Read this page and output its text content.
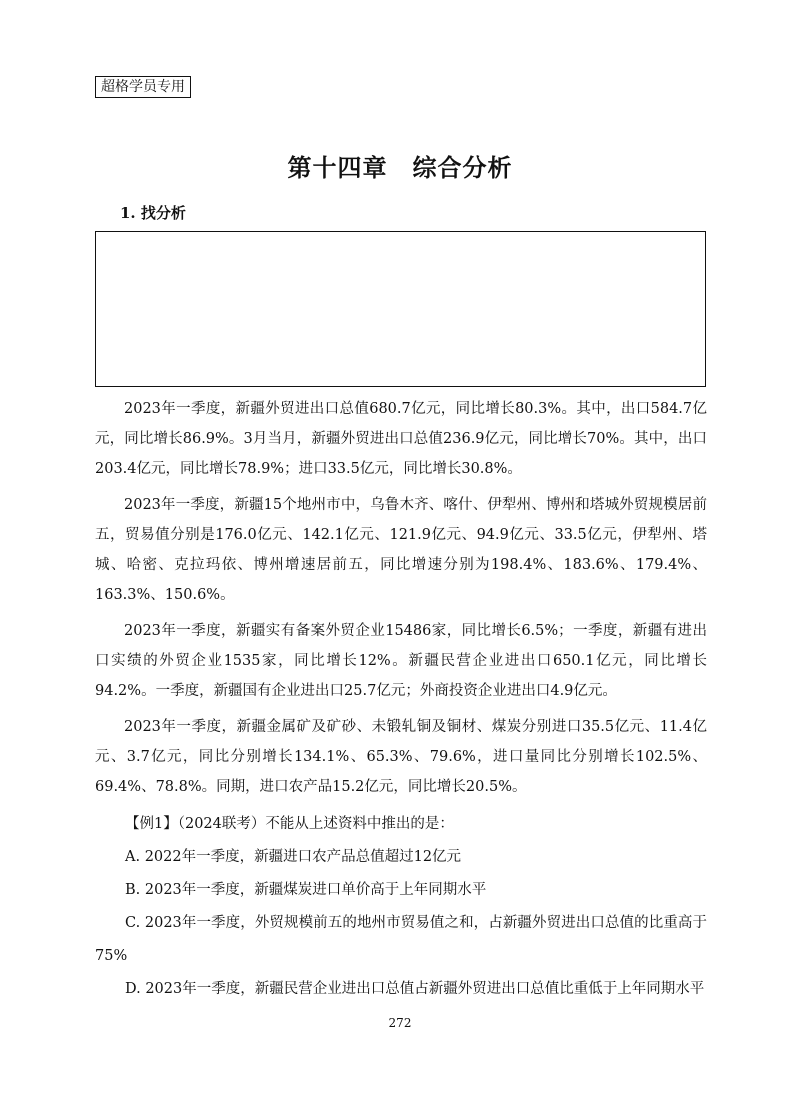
超格学员专用
第十四章　综合分析
1. 找分析

2023年一季度，新疆外贸进出口总值680.7亿元，同比增长80.3%。其中，出口584.7亿元，同比增长86.9%。3月当月，新疆外贸进出口总值236.9亿元，同比增长70%。其中，出口203.4亿元，同比增长78.9%；进口33.5亿元，同比增长30.8%。

2023年一季度，新疆15个地州市中，乌鲁木齐、喀什、伊犁州、博州和塔城外贸规模居前五，贸易值分别是176.0亿元、142.1亿元、121.9亿元、94.9亿元、33.5亿元，伊犁州、塔城、哈密、克拉玛依、博州增速居前五，同比增速分别为198.4%、183.6%、179.4%、163.3%、150.6%。

2023年一季度，新疆实有备案外贸企业15486家，同比增长6.5%；一季度，新疆有进出口实绩的外贸企业1535家，同比增长12%。新疆民营企业进出口650.1亿元，同比增长94.2%。一季度，新疆国有企业进出口25.7亿元；外商投资企业进出口4.9亿元。

2023年一季度，新疆金属矿及矿砂、未锻轧铜及铜材、煤炭分别进口35.5亿元、11.4亿元、3.7亿元，同比分别增长134.1%、65.3%、79.6%，进口量同比分别增长102.5%、69.4%、78.8%。同期，进口农产品15.2亿元，同比增长20.5%。

【例1】（2024联考）不能从上述资料中推出的是：

A. 2022年一季度，新疆进口农产品总值超过12亿元

B. 2023年一季度，新疆煤炭进口单价高于上年同期水平

C. 2023年一季度，外贸规模前五的地州市贸易值之和，占新疆外贸进出口总值的比重高于75%

D. 2023年一季度，新疆民营企业进出口总值占新疆外贸进出口总值比重低于上年同期水平

272
